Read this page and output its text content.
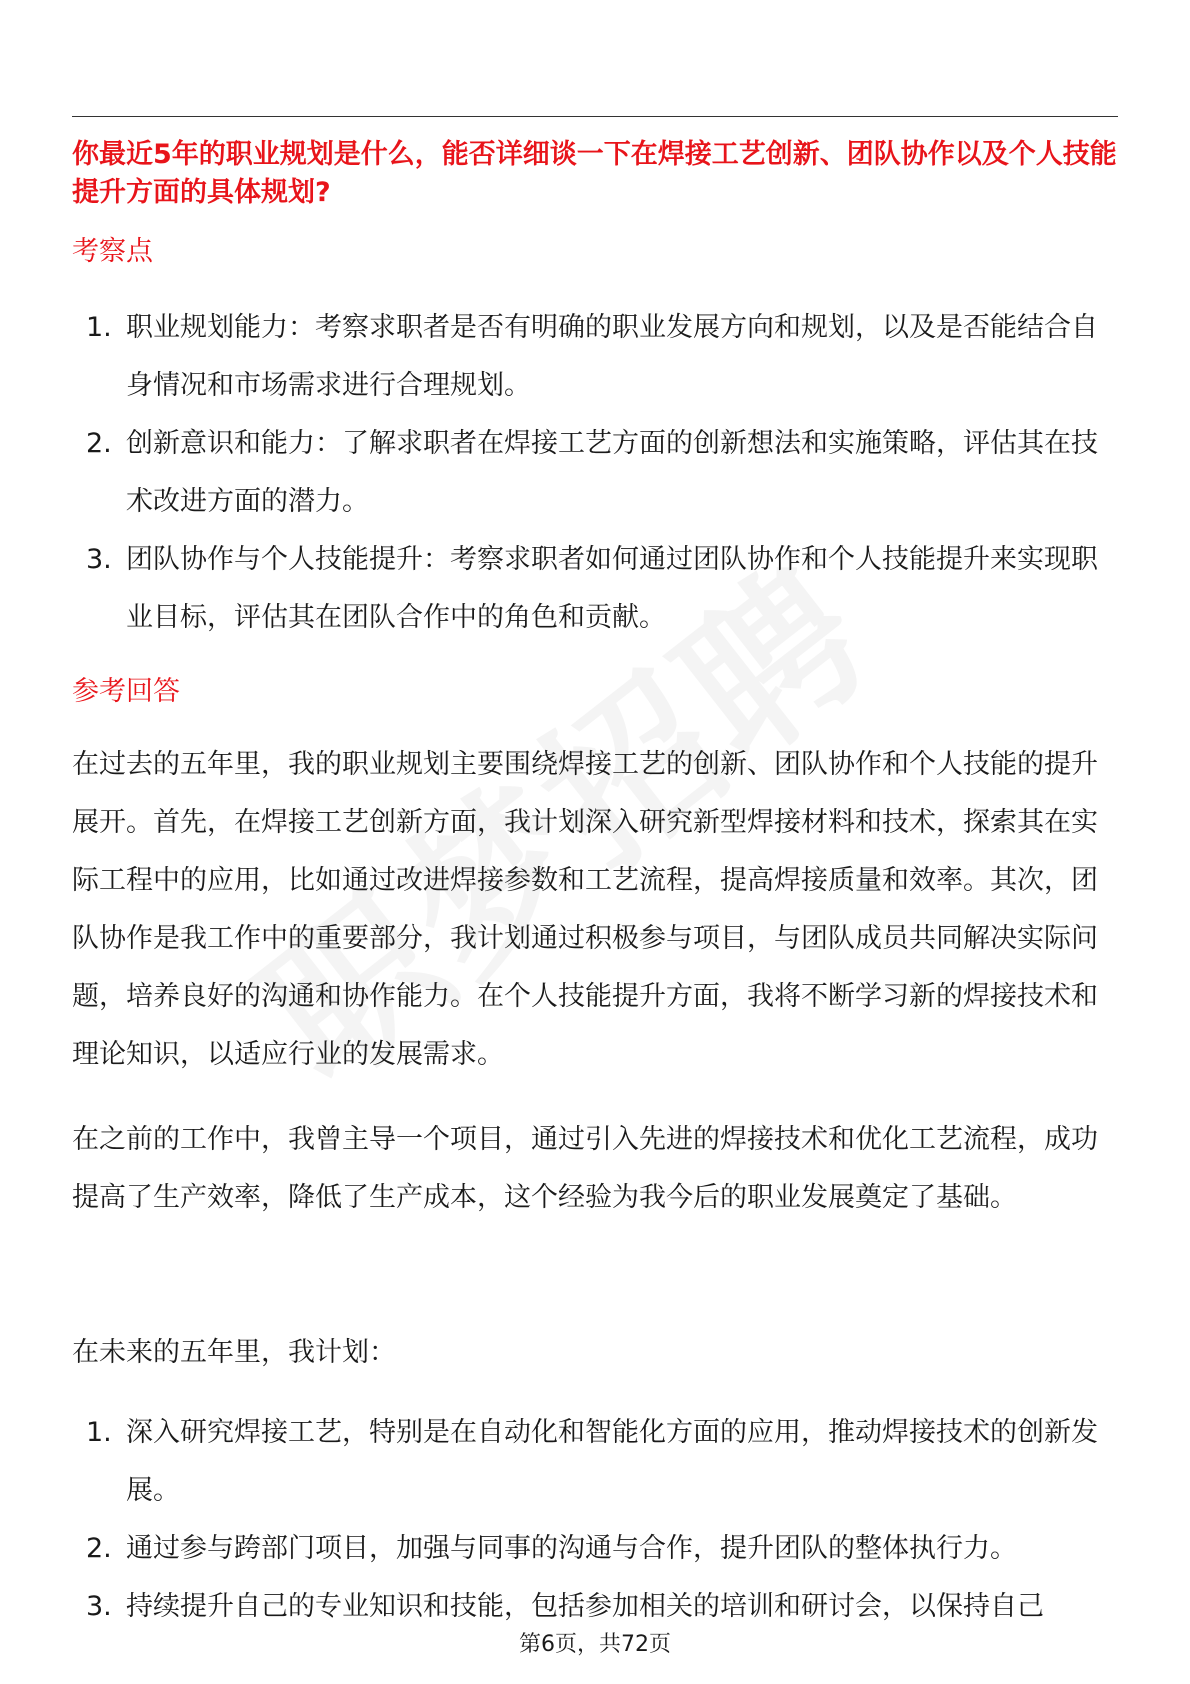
你最近5年的职业规划是什么，能否详细谈一下在焊接工艺创新、团队协作以及个人技能提升方面的具体规划?
考察点
1. 职业规划能力：考察求职者是否有明确的职业发展方向和规划，以及是否能结合自身情况和市场需求进行合理规划。
2. 创新意识和能力：了解求职者在焊接工艺方面的创新想法和实施策略，评估其在技术改进方面的潜力。
3. 团队协作与个人技能提升：考察求职者如何通过团队协作和个人技能提升来实现职业目标，评估其在团队合作中的角色和贡献。
参考回答

在过去的五年里，我的职业规划主要围绕焊接工艺的创新、团队协作和个人技能的提升展开。首先，在焊接工艺创新方面，我计划深入研究新型焊接材料和技术，探索其在实际工程中的应用，比如通过改进焊接参数和工艺流程，提高焊接质量和效率。其次，团队协作是我工作中的重要部分，我计划通过积极参与项目，与团队成员共同解决实际问题，培养良好的沟通和协作能力。在个人技能提升方面，我将不断学习新的焊接技术和理论知识，以适应行业的发展需求。

在之前的工作中，我曾主导一个项目，通过引入先进的焊接技术和优化工艺流程，成功提高了生产效率，降低了生产成本，这个经验为我今后的职业发展奠定了基础。

在未来的五年里，我计划：

1. 深入研究焊接工艺，特别是在自动化和智能化方面的应用，推动焊接技术的创新发展。
2. 通过参与跨部门项目，加强与同事的沟通与合作，提升团队的整体执行力。
3. 持续提升自己的专业知识和技能，包括参加相关的培训和研讨会，以保持自己
第6页，共72页
